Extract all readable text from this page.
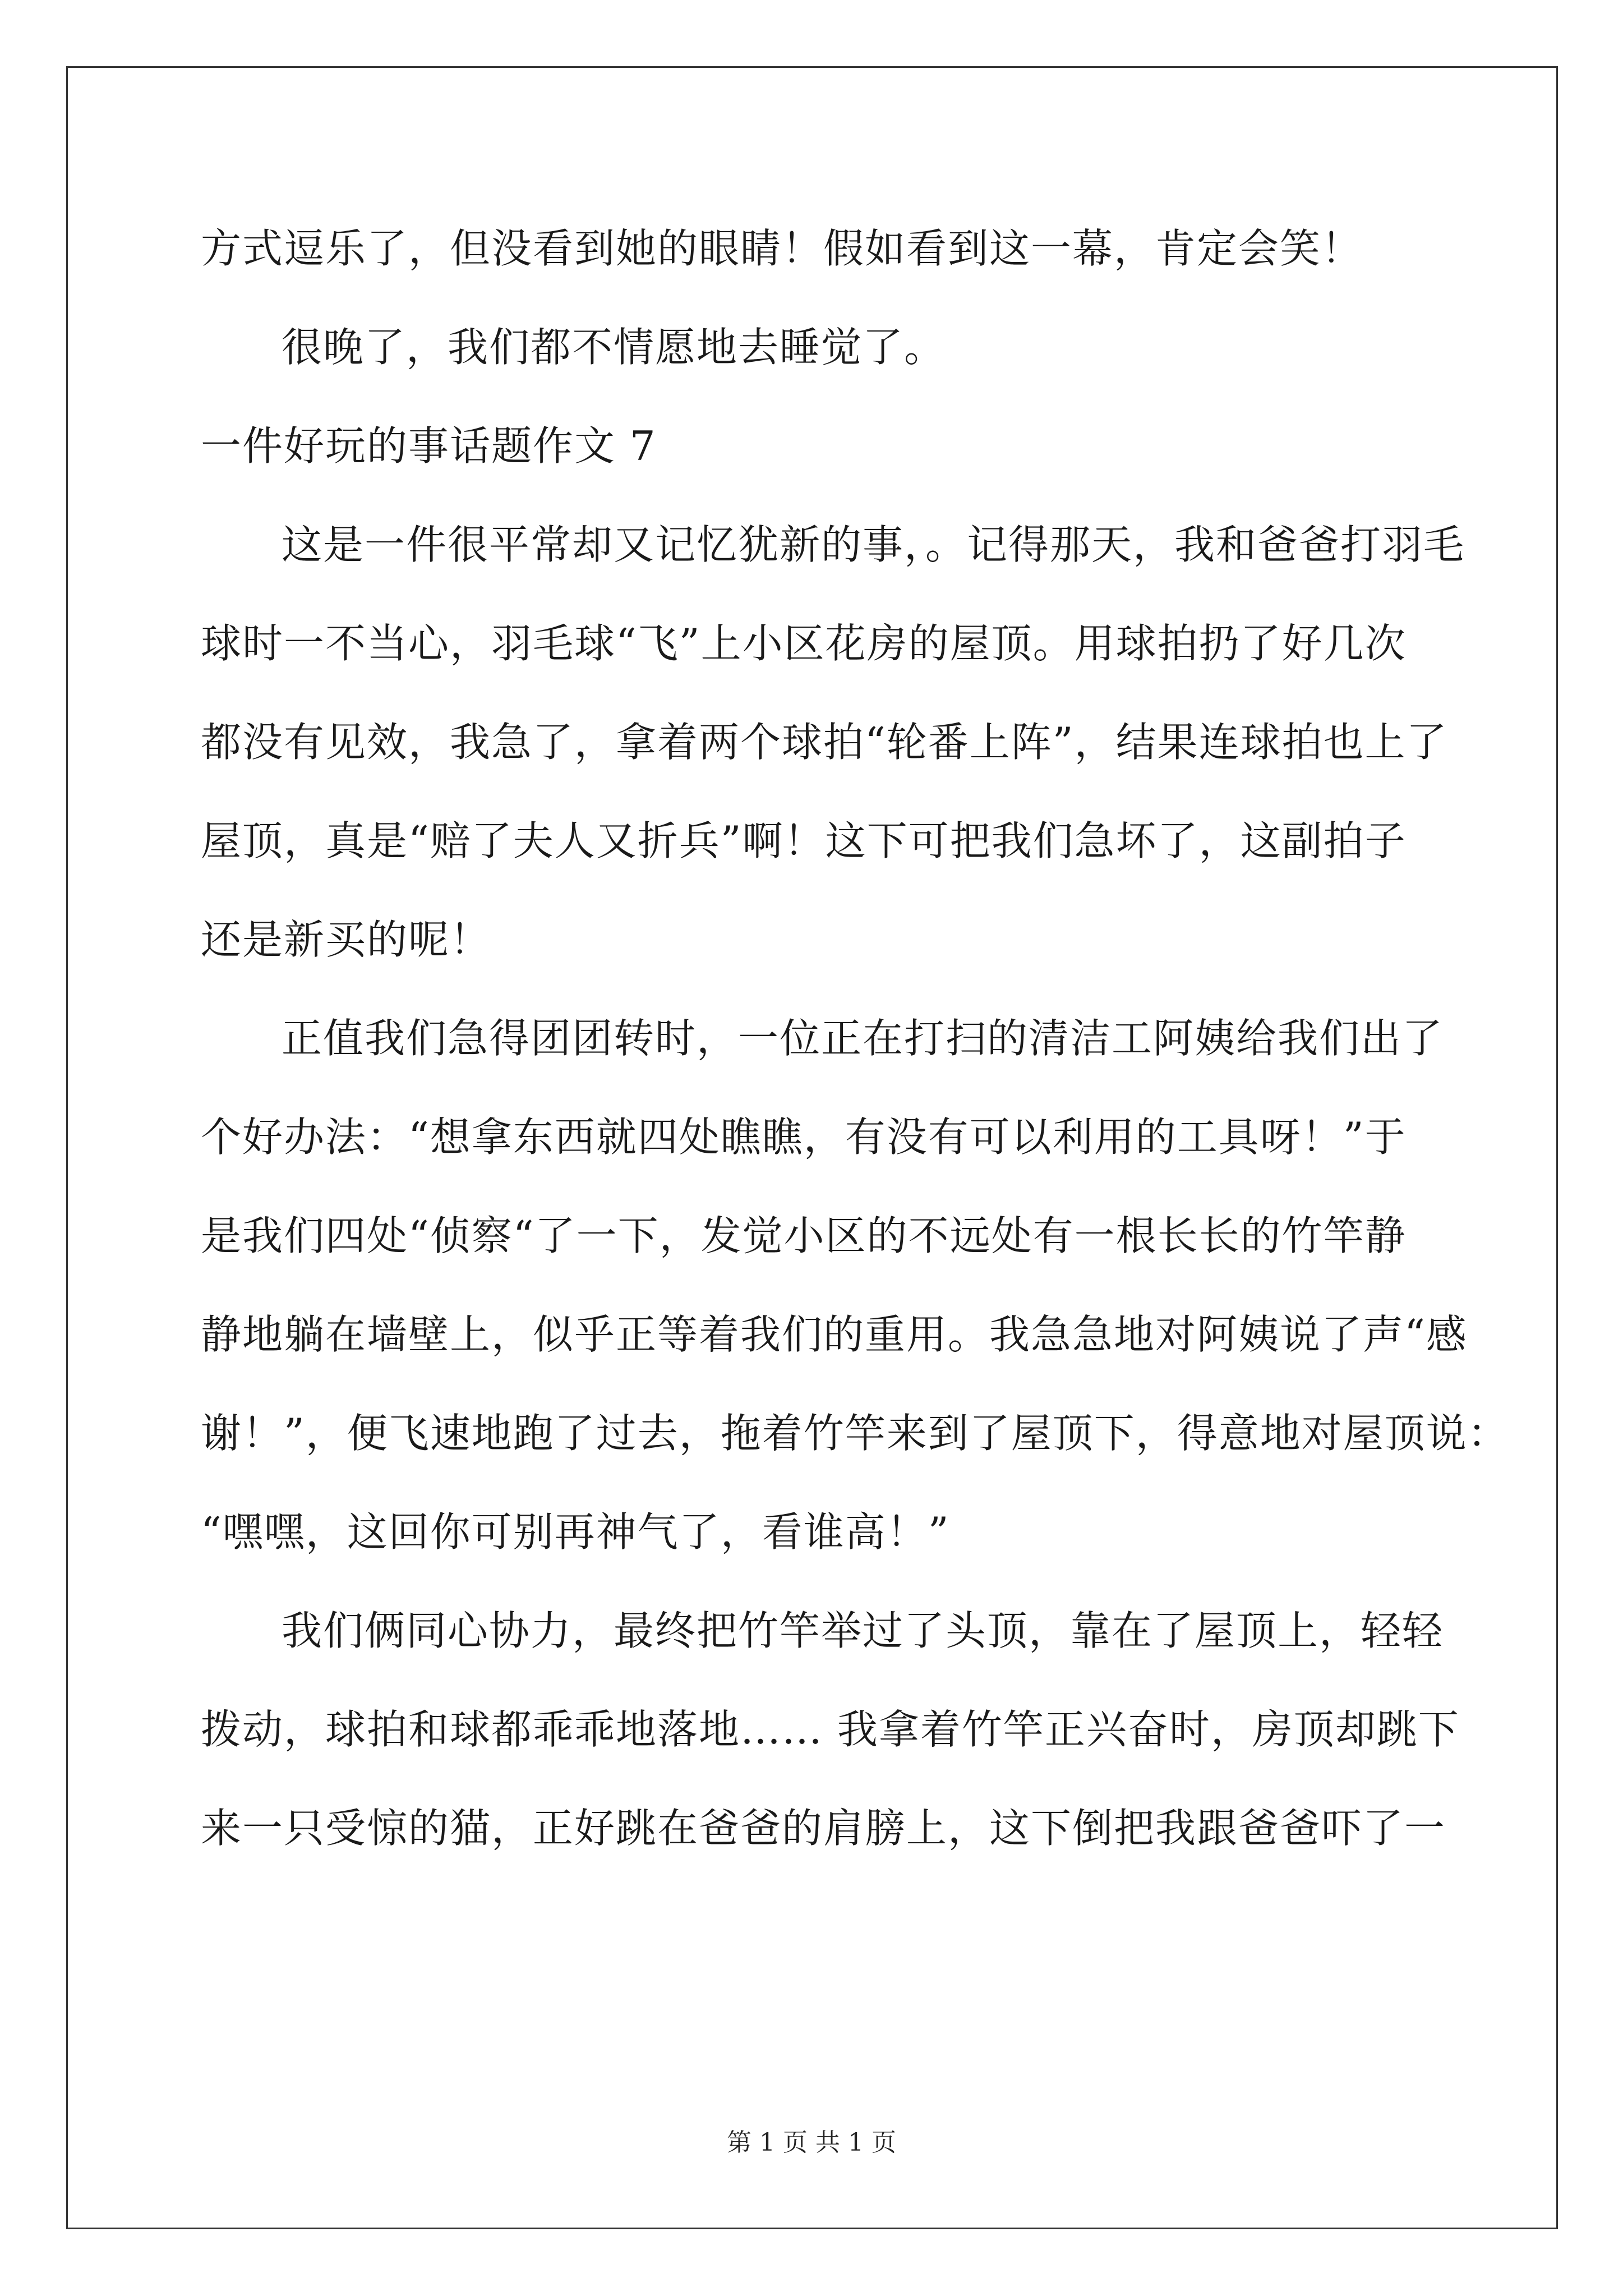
方式逗乐了，但没看到她的眼睛！假如看到这一幕，肯定会笑！
很晚了，我们都不情愿地去睡觉了。
一件好玩的事话题作文 7
这是一件很平常却又记忆犹新的事，。记得那天，我和爸爸打羽毛
球时一不当心，羽毛球“飞”上小区花房的屋顶。用球拍扔了好几次
都没有见效，我急了，拿着两个球拍“轮番上阵”，结果连球拍也上了
屋顶，真是“赔了夫人又折兵”啊！这下可把我们急坏了，这副拍子
还是新买的呢！
正值我们急得团团转时，一位正在打扫的清洁工阿姨给我们出了
个好办法：“想拿东西就四处瞧瞧，有没有可以利用的工具呀！”于
是我们四处“侦察“了一下，发觉小区的不远处有一根长长的竹竿静
静地躺在墙壁上，似乎正等着我们的重用。我急急地对阿姨说了声“感
谢！”，便飞速地跑了过去，拖着竹竿来到了屋顶下，得意地对屋顶说：
“嘿嘿，这回你可别再神气了，看谁高！”
我们俩同心协力，最终把竹竿举过了头顶，靠在了屋顶上，轻轻
拨动，球拍和球都乖乖地落地…… 我拿着竹竿正兴奋时，房顶却跳下
来一只受惊的猫，正好跳在爸爸的肩膀上，这下倒把我跟爸爸吓了一
第 1 页 共 1 页
